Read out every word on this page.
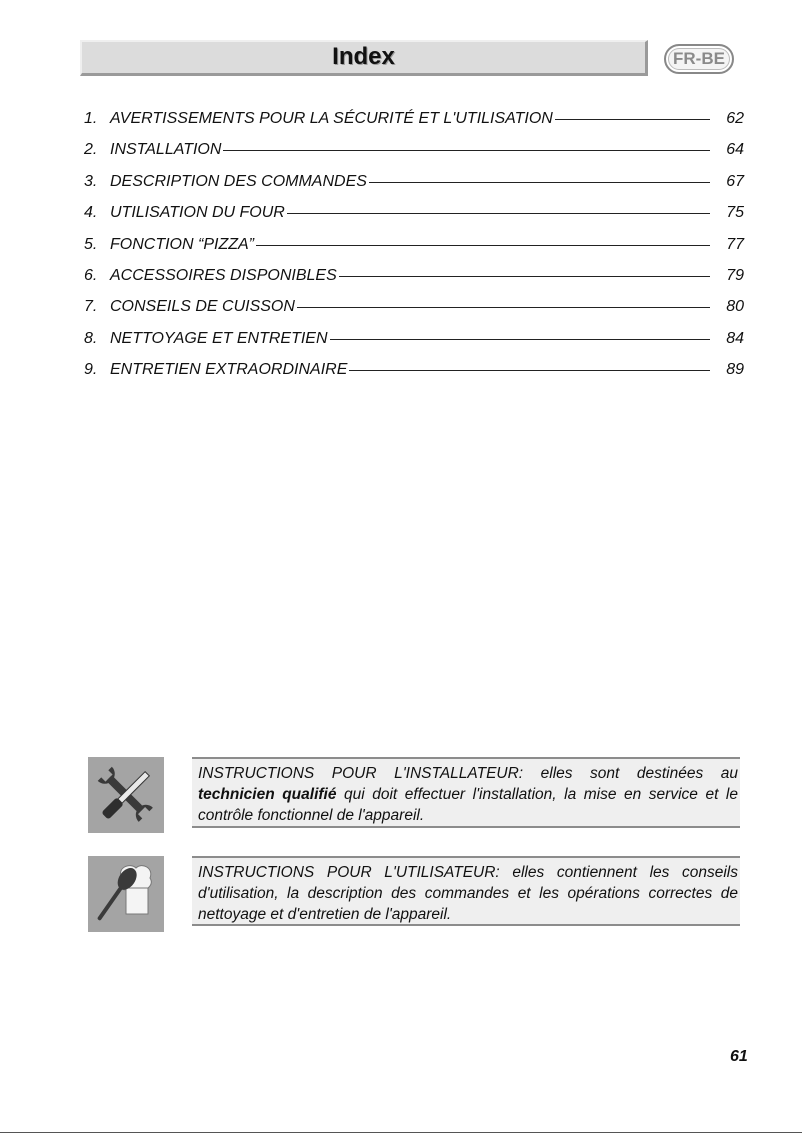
Index	FR-BE
1. AVERTISSEMENTS POUR LA SÉCURITÉ ET L'UTILISATION	62
2. INSTALLATION	64
3. DESCRIPTION DES COMMANDES	67
4. UTILISATION DU FOUR	75
5. FONCTION “PIZZA”	77
6. ACCESSOIRES DISPONIBLES	79
7. CONSEILS DE CUISSON	80
8. NETTOYAGE ET ENTRETIEN	84
9. ENTRETIEN EXTRAORDINAIRE	89
INSTRUCTIONS POUR L'INSTALLATEUR: elles sont destinées au technicien qualifié qui doit effectuer l'installation, la mise en service et le contrôle fonctionnel de l'appareil.
INSTRUCTIONS POUR L'UTILISATEUR: elles contiennent les conseils d'utilisation, la description des commandes et les opérations correctes de nettoyage et d'entretien de l'appareil.
61
